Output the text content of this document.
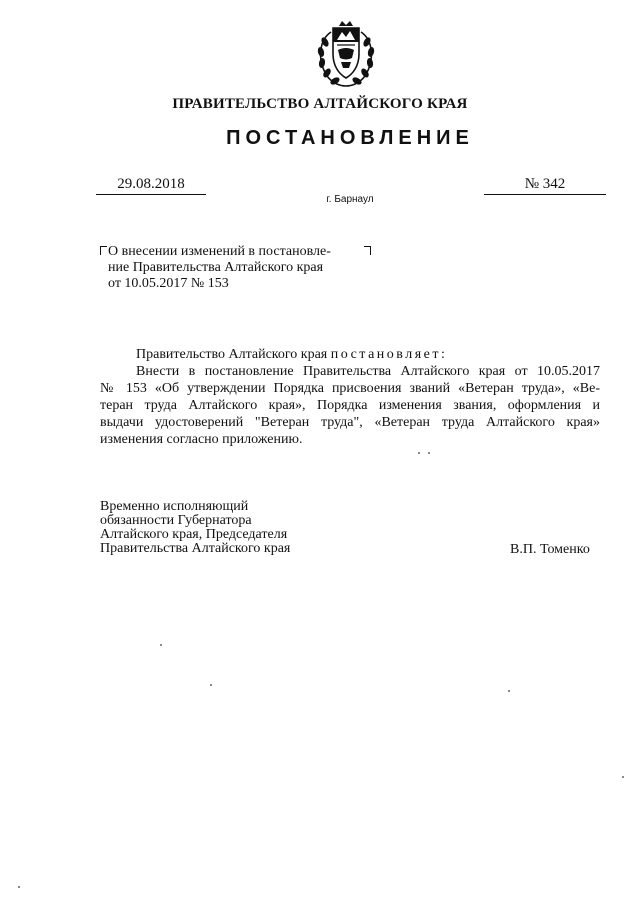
ПРАВИТЕЛЬСТВО АЛТАЙСКОГО КРАЯ
ПОСТАНОВЛЕНИЕ
29.08.2018	№ 342
г. Барнаул
О внесении изменений в постановле-
ние Правительства Алтайского края
от 10.05.2017 № 153
Правительство Алтайского края постановляет:
Внести в постановление Правительства Алтайского края от 10.05.2017
№ 153 «Об утверждении Порядка присвоения званий «Ветеран труда», «Ве-
теран труда Алтайского края», Порядка изменения звания, оформления и
выдачи удостоверений "Ветеран труда", «Ветеран труда Алтайского края»
изменения согласно приложению.
Временно исполняющий
обязанности Губернатора
Алтайского края, Председателя
Правительства Алтайского края	В.П. Томенко
